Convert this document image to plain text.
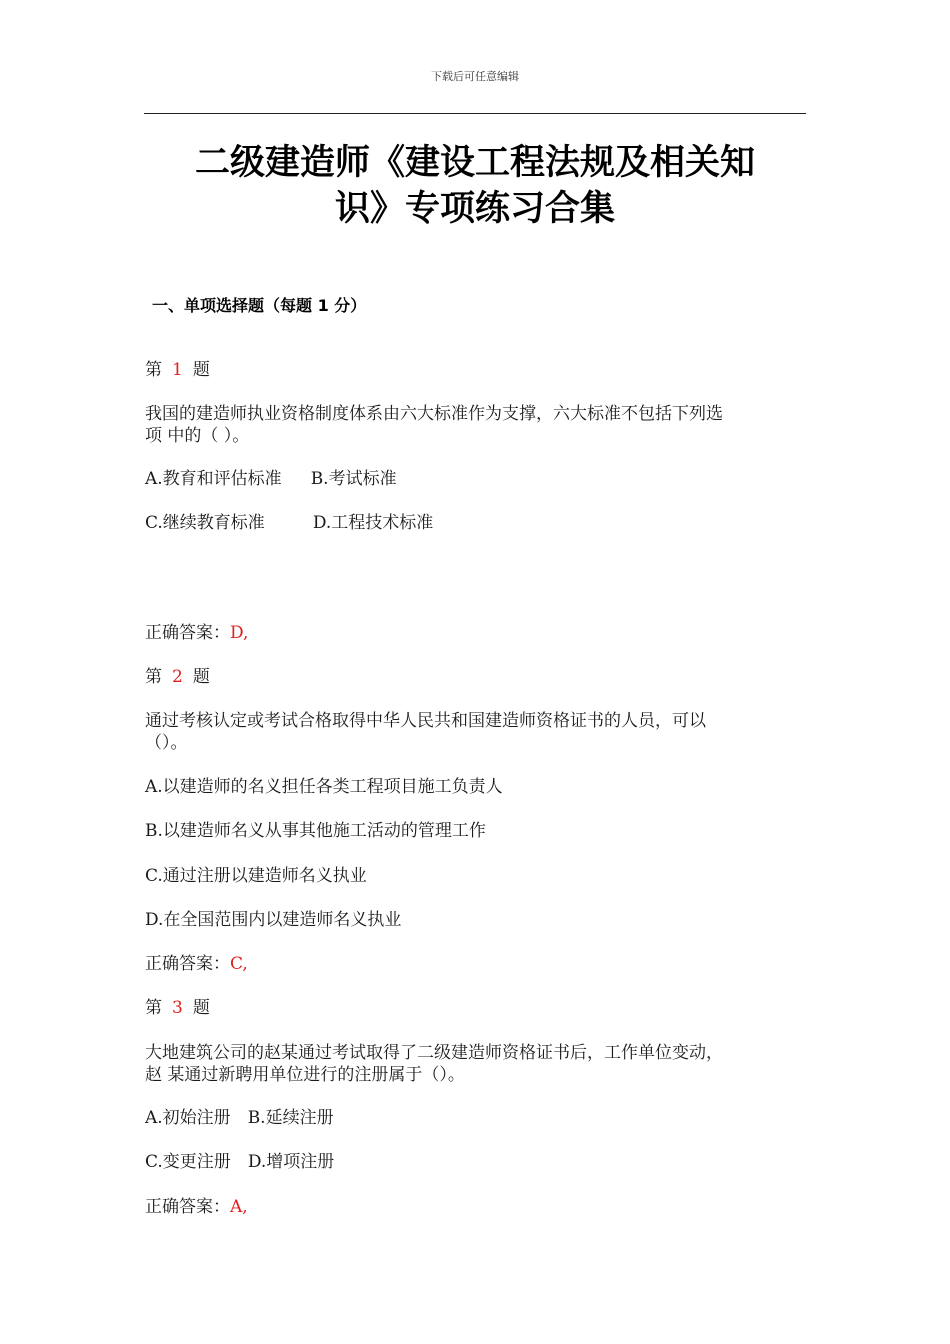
下载后可任意编辑
二级建造师《建设工程法规及相关知
识》专项练习合集
一、单项选择题（每题 1 分）
第 1 题
我国的建造师执业资格制度体系由六大标准作为支撑，六大标准不包括下列选
项 中的（ ）。
A.教育和评估标准 B.考试标准
C.继续教育标准	D.工程技术标准
正确答案：D,
第 2 题
通过考核认定或考试合格取得中华人民共和国建造师资格证书的人员，可以
（）。
A.以建造师的名义担任各类工程项目施工负责人
B.以建造师名义从事其他施工活动的管理工作
C.通过注册以建造师名义执业
D.在全国范围内以建造师名义执业
正确答案：C,
第 3 题
大地建筑公司的赵某通过考试取得了二级建造师资格证书后，工作单位变动，
赵 某通过新聘用单位进行的注册属于（）。
A.初始注册 B.延续注册
C.变更注册 D.增项注册
正确答案：A,
